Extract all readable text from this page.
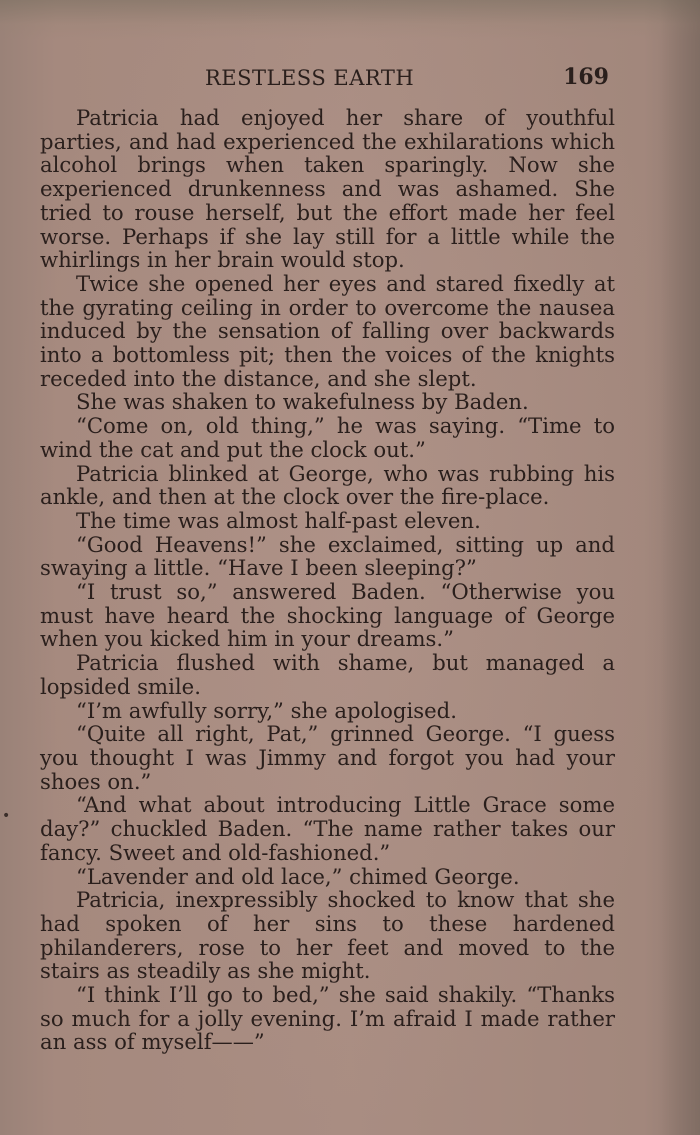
RESTLESS EARTH	169
•

Patricia had enjoyed her share of youthful parties, and had experienced the exhilarations which alcohol brings when taken sparingly. Now she experienced drunkenness and was ashamed. She tried to rouse herself, but the effort made her feel worse. Perhaps if she lay still for a little while the whirlings in her brain would stop.

Twice she opened her eyes and stared fixedly at the gyrating ceiling in order to overcome the nausea induced by the sensation of falling over backwards into a bottomless pit; then the voices of the knights receded into the distance, and she slept.

She was shaken to wakefulness by Baden.

“Come on, old thing,” he was saying. “Time to wind the cat and put the clock out.”

Patricia blinked at George, who was rubbing his ankle, and then at the clock over the fire-place.

The time was almost half-past eleven.

“Good Heavens!” she exclaimed, sitting up and swaying a little. “Have I been sleeping?”

“I trust so,” answered Baden. “Otherwise you must have heard the shocking language of George when you kicked him in your dreams.”

Patricia flushed with shame, but managed a lopsided smile.

“I’m awfully sorry,” she apologised.

“Quite all right, Pat,” grinned George. “I guess you thought I was Jimmy and forgot you had your shoes on.”

“And what about introducing Little Grace some day?” chuckled Baden. “The name rather takes our fancy. Sweet and old-fashioned.”

“Lavender and old lace,” chimed George.

Patricia, inexpressibly shocked to know that she had spoken of her sins to these hardened philanderers, rose to her feet and moved to the stairs as steadily as she might.

“I think I’ll go to bed,” she said shakily. “Thanks so much for a jolly evening. I’m afraid I made rather an ass of myself——”
